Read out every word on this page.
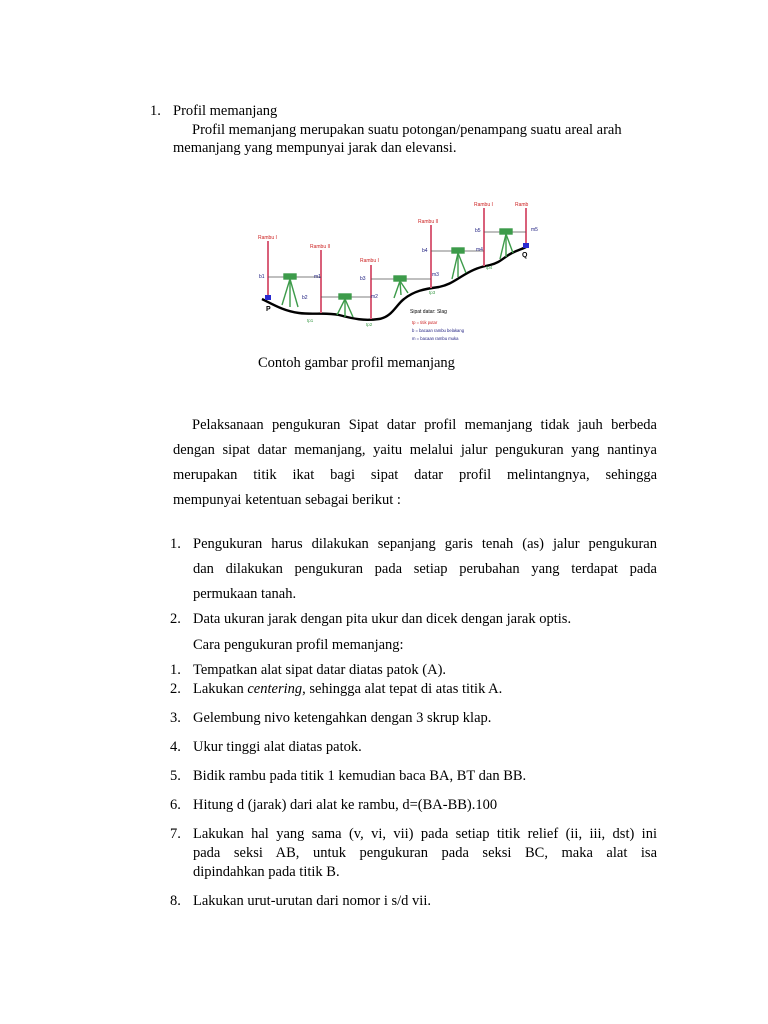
1. Profil memanjang
Profil memanjang merupakan suatu potongan/penampang suatu areal arah
memanjang yang mempunyai jarak dan elevansi.
Rambu I
Rambu II
Rambu I
Rambu II
Rambu I	Ramb
b1	m1
b2	m2
b3
m3
b4	m4
b5	m5
tp1
tp2
tp3
tp4
P
Q
Sipat datar: Slag
tp = titik putar
b = bacaan rambu belakang
m = bacaan rambu muka
Contoh gambar profil memanjang
Pelaksanaan pengukuran Sipat datar profil memanjang tidak jauh berbeda
dengan sipat datar memanjang, yaitu melalui jalur pengukuran yang nantinya
merupakan titik ikat bagi sipat datar profil melintangnya, sehingga
mempunyai ketentuan sebagai berikut :
1. Pengukuran harus dilakukan sepanjang garis tenah (as) jalur pengukuran
dan dilakukan pengukuran pada setiap perubahan yang terdapat pada
permukaan tanah.
2. Data ukuran jarak dengan pita ukur dan dicek dengan jarak optis.
Cara pengukuran profil memanjang:
1. Tempatkan alat sipat datar diatas patok (A).
2. Lakukan centering, sehingga alat tepat di atas titik A.
3. Gelembung nivo ketengahkan dengan 3 skrup klap.
4. Ukur tinggi alat diatas patok.
5. Bidik rambu pada titik 1 kemudian baca BA, BT dan BB.
6. Hitung d (jarak) dari alat ke rambu, d=(BA-BB).100
7. Lakukan hal yang sama (v, vi, vii) pada setiap titik relief (ii, iii, dst) ini
pada seksi AB, untuk pengukuran pada seksi BC, maka alat isa
dipindahkan pada titik B.
8. Lakukan urut-urutan dari nomor i s/d vii.
